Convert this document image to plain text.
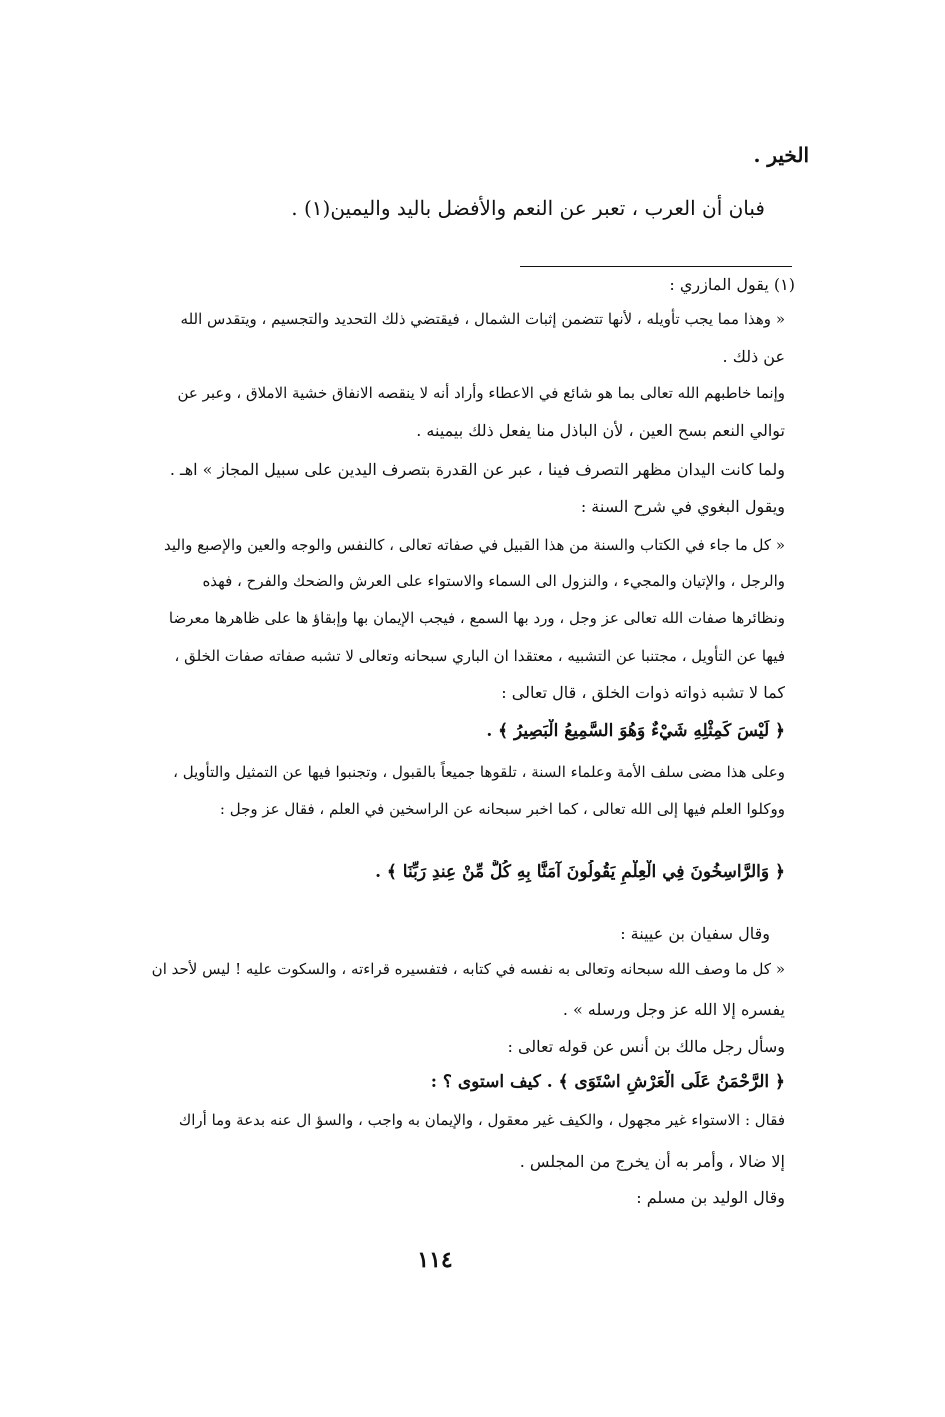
الخير .
فبان أن العرب ، تعبر عن النعم والأفضل باليد واليمين(١) .
(١) يقول المازري :
« وهذا مما يجب تأويله ، لأنها تتضمن إثبات الشمال ، فيقتضي ذلك التحديد والتجسيم ، ويتقدس الله
عن ذلك .
وإنما خاطبهم الله تعالى بما هو شائع في الاعطاء وأراد أنه لا ينقصه الانفاق خشية الاملاق ، وعبر عن
توالي النعم بسح العين ، لأن الباذل منا يفعل ذلك بيمينه .
ولما كانت اليدان مظهر التصرف فينا ، عبر عن القدرة بتصرف اليدين على سبيل المجاز » اهـ .
ويقول البغوي في شرح السنة :
« كل ما جاء في الكتاب والسنة من هذا القبيل في صفاته تعالى ، كالنفس والوجه والعين والإصبع واليد
والرجل ، والإتيان والمجيء ، والنزول الى السماء والاستواء على العرش والضحك والفرح ، فهذه
ونظائرها صفات الله تعالى عز وجل ، ورد بها السمع ، فيجب الإيمان بها وإبقاؤ ها على ظاهرها معرضا
فيها عن التأويل ، مجتنبا عن التشبيه ، معتقدا ان الباري سبحانه وتعالى لا تشبه صفاته صفات الخلق ،
كما لا تشبه ذواته ذوات الخلق ، قال تعالى :
﴿ لَيْسَ كَمِثْلِهِ شَيْءٌ وَهُوَ السَّمِيعُ الْبَصِيرُ ﴾ .
وعلى هذا مضى سلف الأمة وعلماء السنة ، تلقوها جميعاً بالقبول ، وتجنبوا فيها عن التمثيل والتأويل ،
ووكلوا العلم فيها إلى الله تعالى ، كما اخبر سبحانه عن الراسخين في العلم ، فقال عز وجل :
﴿ وَالرَّاسِخُونَ فِي الْعِلْمِ يَقُولُونَ آمَنَّا بِهِ كُلٌّ مِّنْ عِندِ رَبِّنَا ﴾ .
وقال سفيان بن عيينة :
« كل ما وصف الله سبحانه وتعالى به نفسه في كتابه ، فتفسيره قراءته ، والسكوت عليه ! ليس لأحد ان
يفسره إلا الله عز وجل ورسله » .
وسأل رجل مالك بن أنس عن قوله تعالى :
﴿ الرَّحْمَنُ عَلَى الْعَرْشِ اسْتَوَى ﴾ . كيف استوى ؟ :
فقال : الاستواء غير مجهول ، والكيف غير معقول ، والإيمان به واجب ، والسؤ ال عنه بدعة وما أراك
إلا ضالا ، وأمر به أن يخرج من المجلس .
وقال الوليد بن مسلم :
١١٤
